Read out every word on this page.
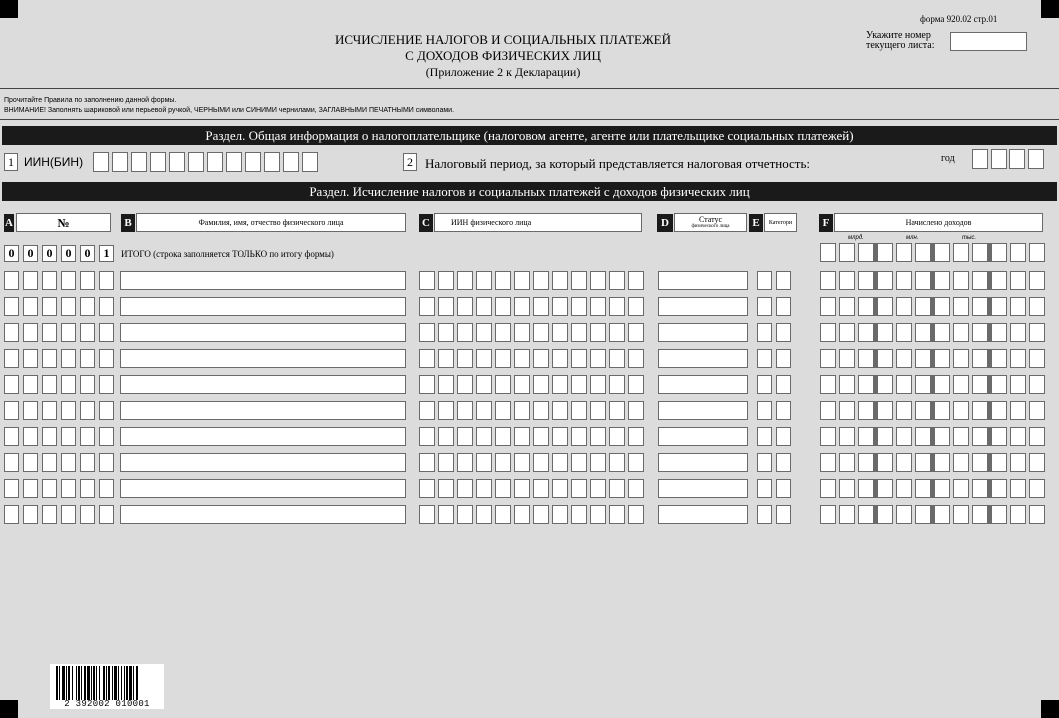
форма 920.02 стр.01
ИСЧИСЛЕНИЕ НАЛОГОВ И СОЦИАЛЬНЫХ ПЛАТЕЖЕЙ
С ДОХОДОВ ФИЗИЧЕСКИХ ЛИЦ
(Приложение 2 к Декларации)
Укажите номер
текущего листа:
Прочитайте Правила по заполнению данной формы.
ВНИМАНИЕ! Заполнять шариковой или перьевой ручкой, ЧЕРНЫМИ или СИНИМИ чернилами, ЗАГЛАВНЫМИ ПЕЧАТНЫМИ символами.
Раздел. Общая информация о налогоплательщике (налоговом агенте, агенте или плательщике социальных платежей)
1 ИИН(БИН)	2 Налоговый период, за который представляется налоговая отчетность:	год
Раздел. Исчисление налогов и социальных платежей с доходов физических лиц
A	№	B	Фамилия, имя, отчество физического лица	C	ИИН физического лица	D	Статус
физического лица	E	Категори	F	Начислено доходов
млрд.	млн.	тыс.
0	0	0	0	0	1	ИТОГО (строка заполняется ТОЛЬКО по итогу формы)
2 392002 010001
